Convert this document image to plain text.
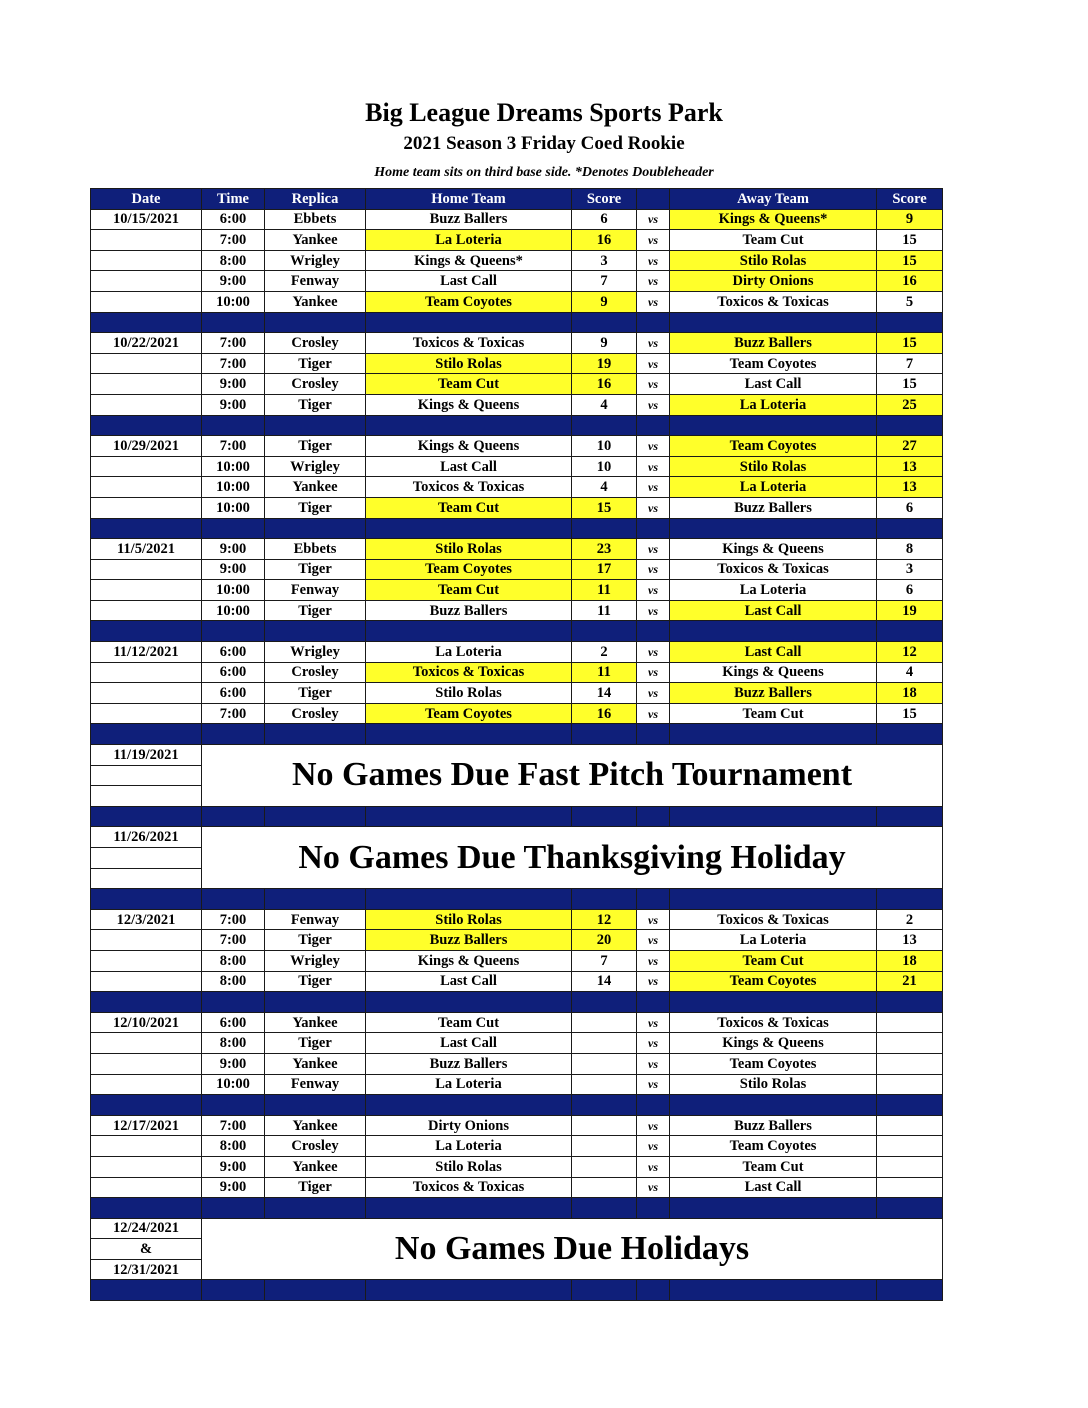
Big League Dreams Sports Park
2021 Season 3 Friday Coed Rookie
Home team sits on third base side. *Denotes Doubleheader
Date	Time	Replica	Home Team	Score		Away Team	Score
10/15/2021	6:00	Ebbets	Buzz Ballers	6	vs	Kings & Queens*	9
	7:00	Yankee	La Loteria	16	vs	Team Cut	15
	8:00	Wrigley	Kings & Queens*	3	vs	Stilo Rolas	15
	9:00	Fenway	Last Call	7	vs	Dirty Onions	16
	10:00	Yankee	Team Coyotes	9	vs	Toxicos & Toxicas	5

10/22/2021	7:00	Crosley	Toxicos & Toxicas	9	vs	Buzz Ballers	15
	7:00	Tiger	Stilo Rolas	19	vs	Team Coyotes	7
	9:00	Crosley	Team Cut	16	vs	Last Call	15
	9:00	Tiger	Kings & Queens	4	vs	La Loteria	25

10/29/2021	7:00	Tiger	Kings & Queens	10	vs	Team Coyotes	27
	10:00	Wrigley	Last Call	10	vs	Stilo Rolas	13
	10:00	Yankee	Toxicos & Toxicas	4	vs	La Loteria	13
	10:00	Tiger	Team Cut	15	vs	Buzz Ballers	6

11/5/2021	9:00	Ebbets	Stilo Rolas	23	vs	Kings & Queens	8
	9:00	Tiger	Team Coyotes	17	vs	Toxicos & Toxicas	3
	10:00	Fenway	Team Cut	11	vs	La Loteria	6
	10:00	Tiger	Buzz Ballers	11	vs	Last Call	19

11/12/2021	6:00	Wrigley	La Loteria	2	vs	Last Call	12
	6:00	Crosley	Toxicos & Toxicas	11	vs	Kings & Queens	4
	6:00	Tiger	Stilo Rolas	14	vs	Buzz Ballers	18
	7:00	Crosley	Team Coyotes	16	vs	Team Cut	15

11/19/2021	No Games Due Fast Pitch Tournament						

11/26/2021	No Games Due Thanksgiving Holiday						

12/3/2021	7:00	Fenway	Stilo Rolas	12	vs	Toxicos & Toxicas	2
	7:00	Tiger	Buzz Ballers	20	vs	La Loteria	13
	8:00	Wrigley	Kings & Queens	7	vs	Team Cut	18
	8:00	Tiger	Last Call	14	vs	Team Coyotes	21

12/10/2021	6:00	Yankee	Team Cut		vs	Toxicos & Toxicas	
	8:00	Tiger	Last Call		vs	Kings & Queens	
	9:00	Yankee	Buzz Ballers		vs	Team Coyotes	
	10:00	Fenway	La Loteria		vs	Stilo Rolas	

12/17/2021	7:00	Yankee	Dirty Onions		vs	Buzz Ballers	
	8:00	Crosley	La Loteria		vs	Team Coyotes	
	9:00	Yankee	Stilo Rolas		vs	Team Cut	
	9:00	Tiger	Toxicos & Toxicas		vs	Last Call	

12/24/2021	No Games Due Holidays						
&							
12/31/2021							
